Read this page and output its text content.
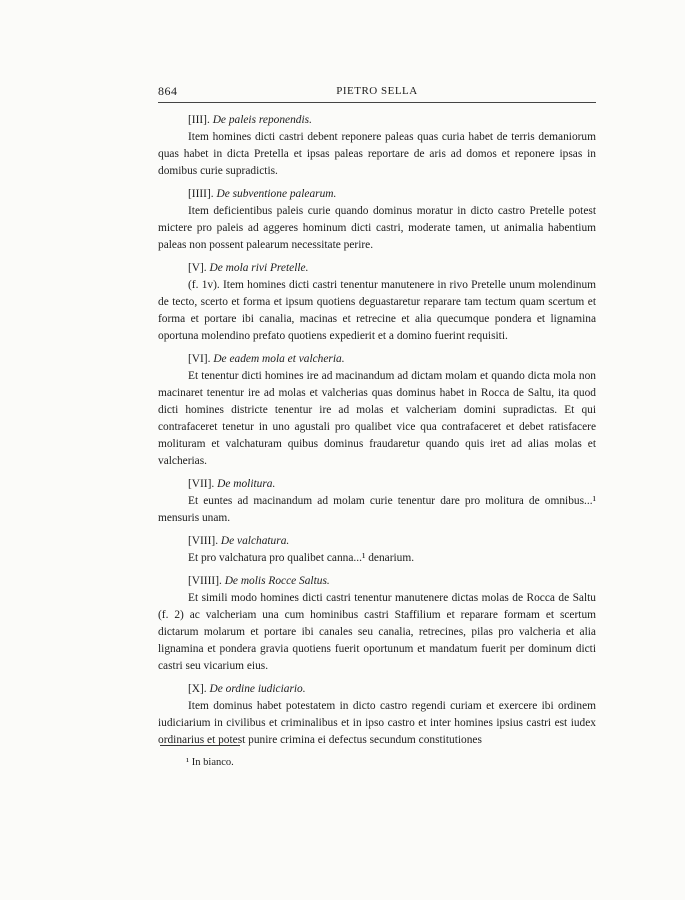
864	PIETRO SELLA

[III]. De paleis reponendis.

Item homines dicti castri debent reponere paleas quas curia habet de terris demaniorum quas habet in dicta Pretella et ipsas paleas reportare de aris ad domos et reponere ipsas in domibus curie supradictis.

[IIII]. De subventione palearum.

Item deficientibus paleis curie quando dominus moratur in dicto castro Pretelle potest mictere pro paleis ad aggeres hominum dicti castri, moderate tamen, ut animalia habentium paleas non possent palearum necessitate perire.

[V]. De mola rivi Pretelle.

(f. 1v). Item homines dicti castri tenentur manutenere in rivo Pretelle unum molendinum de tecto, scerto et forma et ipsum quotiens deguastaretur reparare tam tectum quam scertum et forma et portare ibi canalia, macinas et retrecine et alia quecumque pondera et lignamina oportuna molendino prefato quotiens expedierit et a domino fuerint requisiti.

[VI]. De eadem mola et valcheria.

Et tenentur dicti homines ire ad macinandum ad dictam molam et quando dicta mola non macinaret tenentur ire ad molas et valcherias quas dominus habet in Rocca de Saltu, ita quod dicti homines districte tenentur ire ad molas et valcheriam domini supradictas. Et qui contrafaceret tenetur in uno agustali pro qualibet vice qua contrafaceret et debet ratisfacere molituram et valchaturam quibus dominus fraudaretur quando quis iret ad alias molas et valcherias.

[VII]. De molitura.

Et euntes ad macinandum ad molam curie tenentur dare pro molitura de omnibus...¹ mensuris unam.

[VIII]. De valchatura.

Et pro valchatura pro qualibet canna...¹ denarium.

[VIIII]. De molis Rocce Saltus.

Et simili modo homines dicti castri tenentur manutenere dictas molas de Rocca de Saltu (f. 2) ac valcheriam una cum hominibus castri Staffilium et reparare formam et scertum dictarum molarum et portare ibi canales seu canalia, retrecines, pilas pro valcheria et alia lignamina et pondera gravia quotiens fuerit oportunum et mandatum fuerit per dominum dicti castri seu vicarium eius.

[X]. De ordine iudiciario.

Item dominus habet potestatem in dicto castro regendi curiam et exercere ibi ordinem iudiciarium in civilibus et criminalibus et in ipso castro et inter homines ipsius castri est iudex ordinarius et potest punire crimina ei defectus secundum constitutiones

¹ In bianco.
